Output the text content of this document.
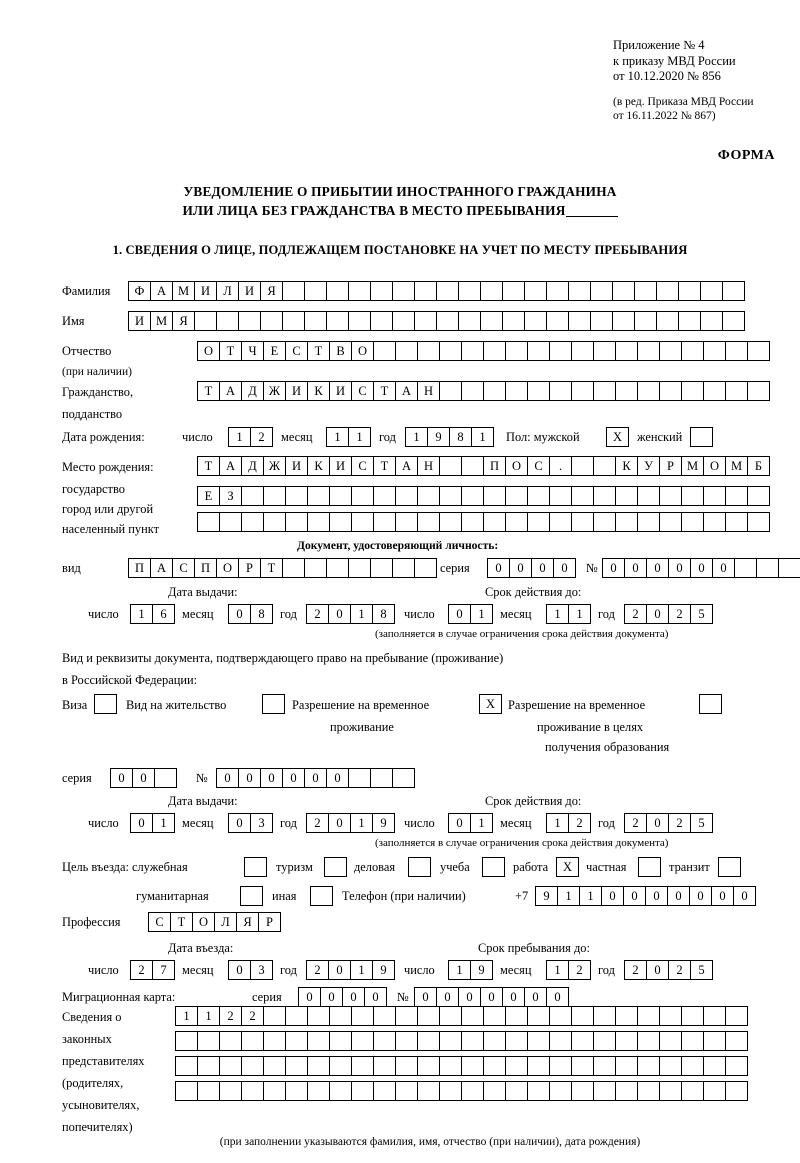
Приложение № 4
к приказу МВД России
от 10.12.2020 № 856
(в ред. Приказа МВД России
от 16.11.2022 № 867)
ФОРМА
УВЕДОМЛЕНИЕ О ПРИБЫТИИ ИНОСТРАННОГО ГРАЖДАНИНА
ИЛИ ЛИЦА БЕЗ ГРАЖДАНСТВА В МЕСТО ПРЕБЫВАНИЯ
1. СВЕДЕНИЯ О ЛИЦЕ, ПОДЛЕЖАЩЕМ ПОСТАНОВКЕ НА УЧЕТ ПО МЕСТУ ПРЕБЫВАНИЯ
Фамилия	Ф	А М И	Л	И	Я
Имя	И М Я
Отчество
(при наличии)
О	Т	Ч	Е	С	Т	В	О
Гражданство,
подданство
Т	А	Д Ж И	К	И	С	Т	А	Н
Дата рождения:	число	1	2	месяц	1	1	год	1	9	8	1	Пол: мужской	X	женский
Место рождения:
государство
город или другой
населенный пункт
Т	А	Д Ж И	К	И	С	Т	А	Н	П	О	С	.	К	У	Р	М О М	Б
Е	З
Документ, удостоверяющий личность:
вид	П	А	С	П	О	Р	Т	серия	0	0	0	0	№	0	0	0	0	0	0
Дата выдачи:	Срок действия до:
число	1	6	месяц	0	8	год	2	0	1	8	число	0	1	месяц	1	1	год	2	0	2	5
(заполняется в случае ограничения срока действия документа)
Вид и реквизиты документа, подтверждающего право на пребывание (проживание)
в Российской Федерации:
Виза	Вид на жительство	Разрешение на временное
проживание
X	Разрешение на временное
проживание в целях
получения образования
серия	0	0	№	0	0	0	0	0	0
Дата выдачи:	Срок действия до:
число	0	1	месяц	0	3	год	2	0	1	9	число	0	1	месяц	1	2	год	2	0	2	5
(заполняется в случае ограничения срока действия документа)
Цель въезда: служебная	туризм	деловая	учеба	работа	X	частная	транзит
гуманитарная	иная	Телефон (при наличии)	+7	9	1	1	0	0	0	0	0	0	0
Профессия	С	Т	О	Л	Я	Р
Дата въезда:	Срок пребывания до:
число	2	7	месяц	0	3	год	2	0	1	9	число	1	9	месяц	1	2	год	2	0	2	5
Миграционная карта:	серия	0	0	0	0	№	0	0	0	0	0	0	0
Сведения о
законных
представителях
(родителях,
усыновителях,
попечителях)
1	1	2	2
(при заполнении указываются фамилия, имя, отчество (при наличии), дата рождения)
